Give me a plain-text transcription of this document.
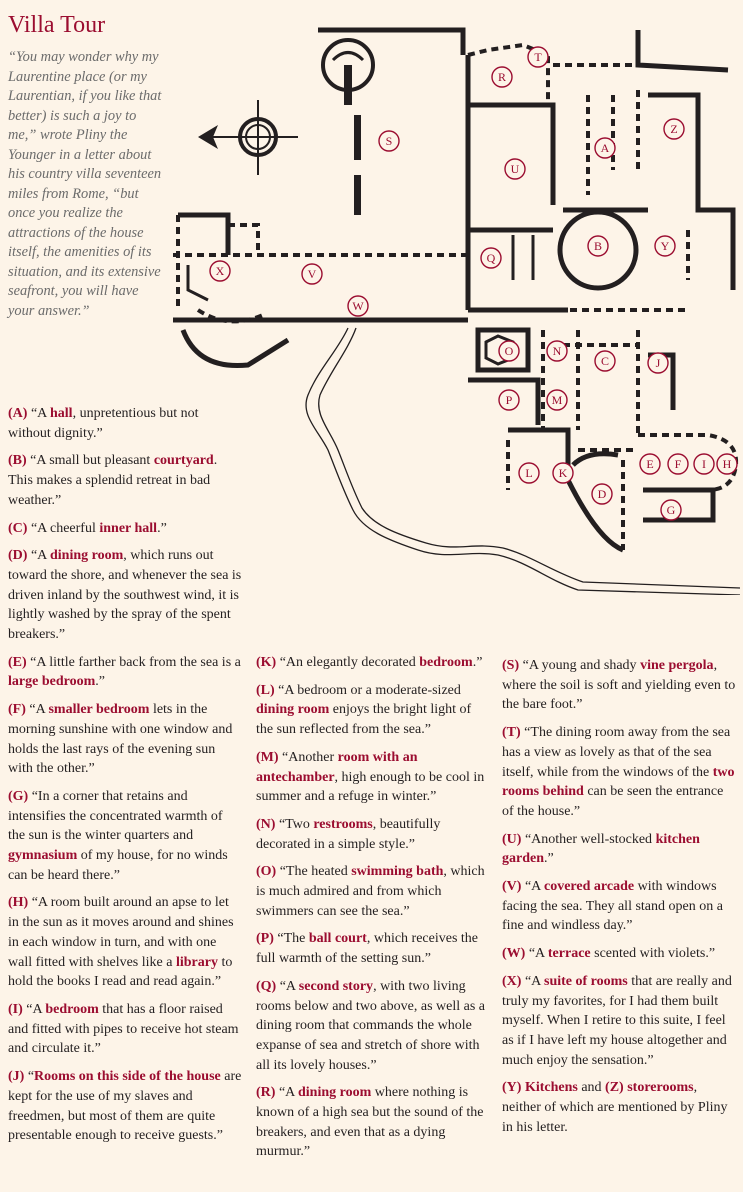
Villa Tour
“You may wonder why my Laurentine place (or my Laurentian, if you like that better) is such a joy to me,” wrote Pliny the Younger in a letter about his country villa seventeen miles from Rome, “but once you realize the attractions of the house itself, the amenities of its situation, and its extensive seafront, you will have your answer.”
A
B
C
D
E F
G
H
I
J
K
L
M
N
O
P
Q
R
S
T
U
V
W
X
Y
Z

(A) “A hall, unpretentious but not without dignity.”

(B) “A small but pleasant courtyard. This makes a splendid retreat in bad weather.”

(C) “A cheerful inner hall.”

(D) “A dining room, which runs out toward the shore, and whenever the sea is driven inland by the southwest wind, it is lightly washed by the spray of the spent breakers.”

(E) “A little farther back from the sea is a large bedroom.”

(F) “A smaller bedroom lets in the morning sunshine with one window and holds the last rays of the evening sun with the other.”

(G) “In a corner that retains and intensifies the concentrated warmth of the sun is the winter quarters and gymnasium of my house, for no winds can be heard there.”

(H) “A room built around an apse to let in the sun as it moves around and shines in each window in turn, and with one wall fitted with shelves like a library to hold the books I read and read again.”

(I) “A bedroom that has a floor raised and fitted with pipes to receive hot steam and circulate it.”

(J) “Rooms on this side of the house are kept for the use of my slaves and freedmen, but most of them are quite presentable enough to receive guests.”

(K) “An elegantly decorated bedroom.”

(L) “A bedroom or a moderate-sized dining room enjoys the bright light of the sun reflected from the sea.”

(M) “Another room with an antechamber, high enough to be cool in summer and a refuge in winter.”

(N) “Two restrooms, beautifully decorated in a simple style.”

(O) “The heated swimming bath, which is much admired and from which swimmers can see the sea.”

(P) “The ball court, which receives the full warmth of the setting sun.”

(Q) “A second story, with two living rooms below and two above, as well as a dining room that commands the whole expanse of sea and stretch of shore with all its lovely houses.”

(R) “A dining room where nothing is known of a high sea but the sound of the breakers, and even that as a dying murmur.”

(S) “A young and shady vine pergola, where the soil is soft and yielding even to the bare foot.”

(T) “The dining room away from the sea has a view as lovely as that of the sea itself, while from the windows of the two rooms behind can be seen the entrance of the house.”

(U) “Another well-stocked kitchen garden.”

(V) “A covered arcade with windows facing the sea. They all stand open on a fine and windless day.”

(W) “A terrace scented with violets.”

(X) “A suite of rooms that are really and truly my favorites, for I had them built myself. When I retire to this suite, I feel as if I have left my house altogether and much enjoy the sensation.”

(Y) Kitchens and (Z) storerooms, neither of which are mentioned by Pliny in his letter.
